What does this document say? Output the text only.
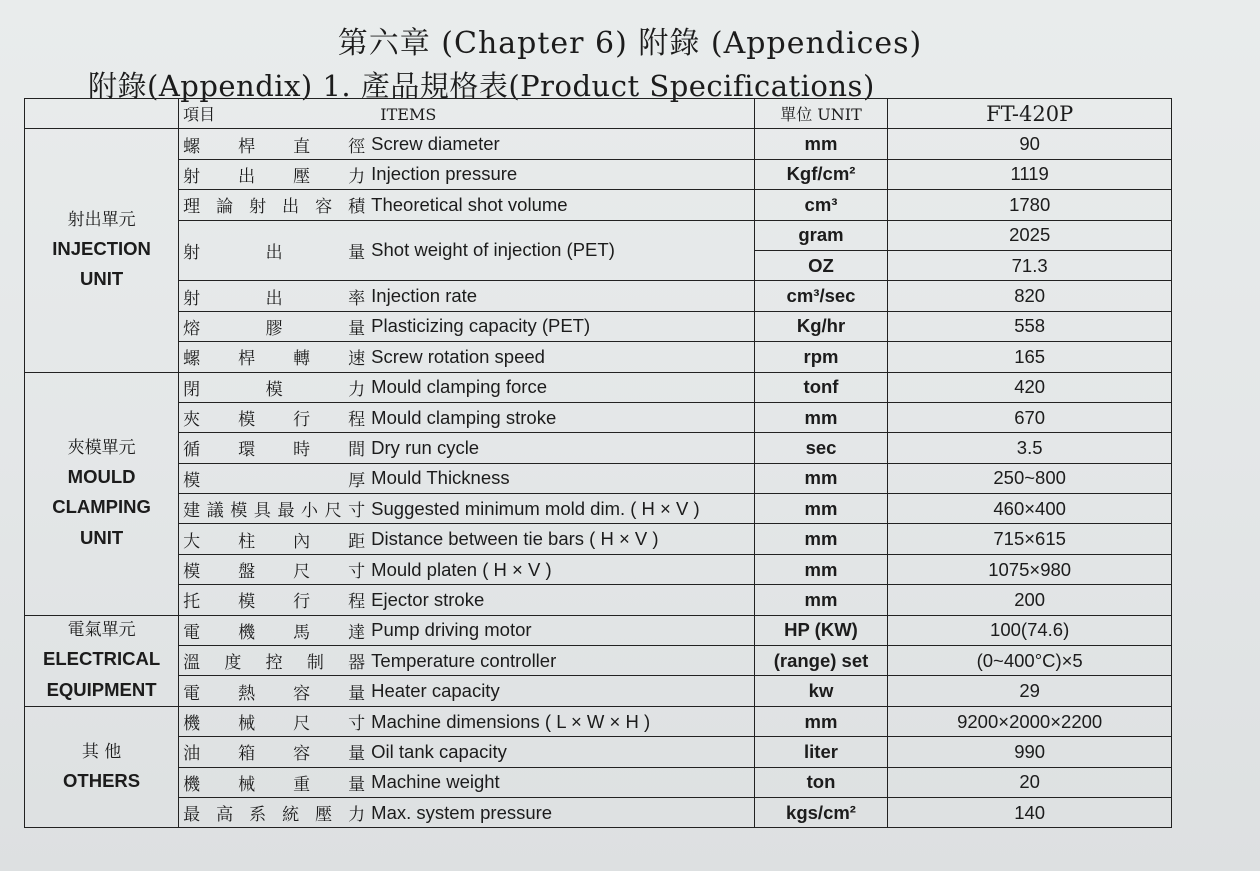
第六章 (Chapter 6) 附錄 (Appendices)
附錄(Appendix) 1. 產品規格表(Product Specifications)
	項目 ITEMS	單位 UNIT	FT-420P

射出單元
INJECTION
UNIT	螺桿直徑 Screw diameter	mm	90
	射出壓力 Injection pressure	Kgf/cm²	1119
	理論射出容積 Theoretical shot volume	cm³	1780
	射出量 Shot weight of injection (PET)	gram	2025
		OZ	71.3
	射出率 Injection rate	cm³/sec	820
	熔膠量 Plasticizing capacity (PET)	Kg/hr	558
	螺桿轉速 Screw rotation speed	rpm	165

夾模單元
MOULD
CLAMPING
UNIT	閉模力 Mould clamping force	tonf	420
	夾模行程 Mould clamping stroke	mm	670
	循環時間 Dry run cycle	sec	3.5
	模厚 Mould Thickness	mm	250~800
	建議模具最小尺寸 Suggested minimum mold dim. ( H × V )	mm	460×400
	大柱內距 Distance between tie bars ( H × V )	mm	715×615
	模盤尺寸 Mould platen ( H × V )	mm	1075×980
	托模行程 Ejector stroke	mm	200

電氣單元
ELECTRICAL
EQUIPMENT	電機馬達 Pump driving motor	HP (KW)	100(74.6)
	溫度控制器 Temperature controller	(range) set	(0~400°C)×5
	電熱容量 Heater capacity	kw	29

其 他
OTHERS	機械尺寸 Machine dimensions ( L × W × H )	mm	9200×2000×2200
	油箱容量 Oil tank capacity	liter	990
	機械重量 Machine weight	ton	20
	最高系統壓力 Max. system pressure	kgs/cm²	140
